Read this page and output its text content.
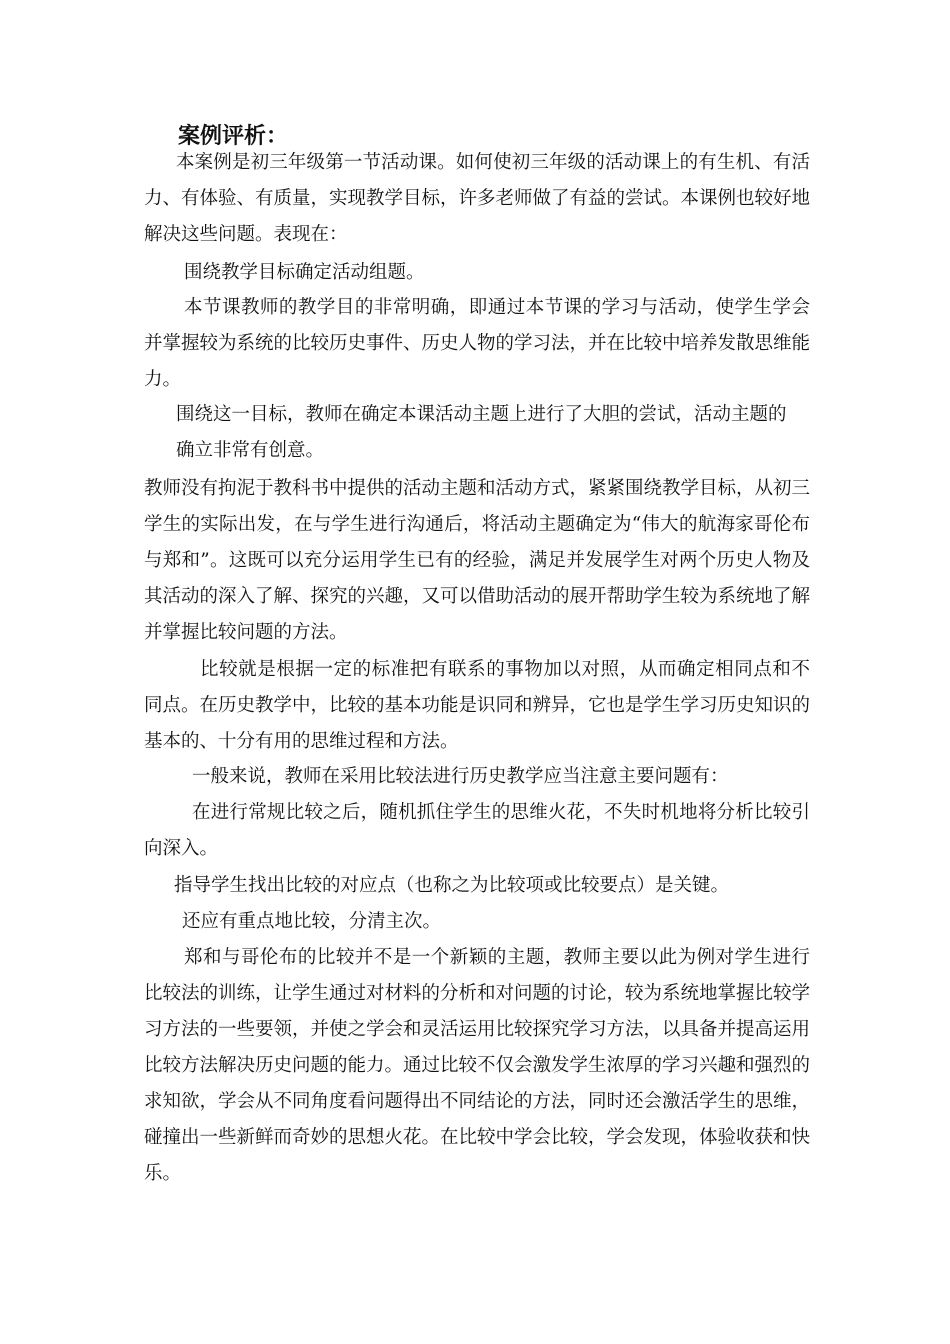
案例评析：

本案例是初三年级第一节活动课。如何使初三年级的活动课上的有生机、有活力、有体验、有质量，实现教学目标，许多老师做了有益的尝试。本课例也较好地解决这些问题。表现在：

围绕教学目标确定活动组题。

本节课教师的教学目的非常明确，即通过本节课的学习与活动，使学生学会并掌握较为系统的比较历史事件、历史人物的学习法，并在比较中培养发散思维能力。

围绕这一目标，教师在确定本课活动主题上进行了大胆的尝试，活动主题的

确立非常有创意。

教师没有拘泥于教科书中提供的活动主题和活动方式，紧紧围绕教学目标，从初三学生的实际出发，在与学生进行沟通后，将活动主题确定为“伟大的航海家哥伦布与郑和”。这既可以充分运用学生已有的经验，满足并发展学生对两个历史人物及其活动的深入了解、探究的兴趣，又可以借助活动的展开帮助学生较为系统地了解并掌握比较问题的方法。

比较就是根据一定的标准把有联系的事物加以对照，从而确定相同点和不同点。在历史教学中，比较的基本功能是识同和辨异，它也是学生学习历史知识的基本的、十分有用的思维过程和方法。

一般来说，教师在采用比较法进行历史教学应当注意主要问题有：

在进行常规比较之后，随机抓住学生的思维火花，不失时机地将分析比较引向深入。

指导学生找出比较的对应点（也称之为比较项或比较要点）是关键。

还应有重点地比较，分清主次。

郑和与哥伦布的比较并不是一个新颖的主题，教师主要以此为例对学生进行比较法的训练，让学生通过对材料的分析和对问题的讨论，较为系统地掌握比较学习方法的一些要领，并使之学会和灵活运用比较探究学习方法，以具备并提高运用比较方法解决历史问题的能力。通过比较不仅会激发学生浓厚的学习兴趣和强烈的求知欲，学会从不同角度看问题得出不同结论的方法，同时还会激活学生的思维，碰撞出一些新鲜而奇妙的思想火花。在比较中学会比较，学会发现，体验收获和快乐。
